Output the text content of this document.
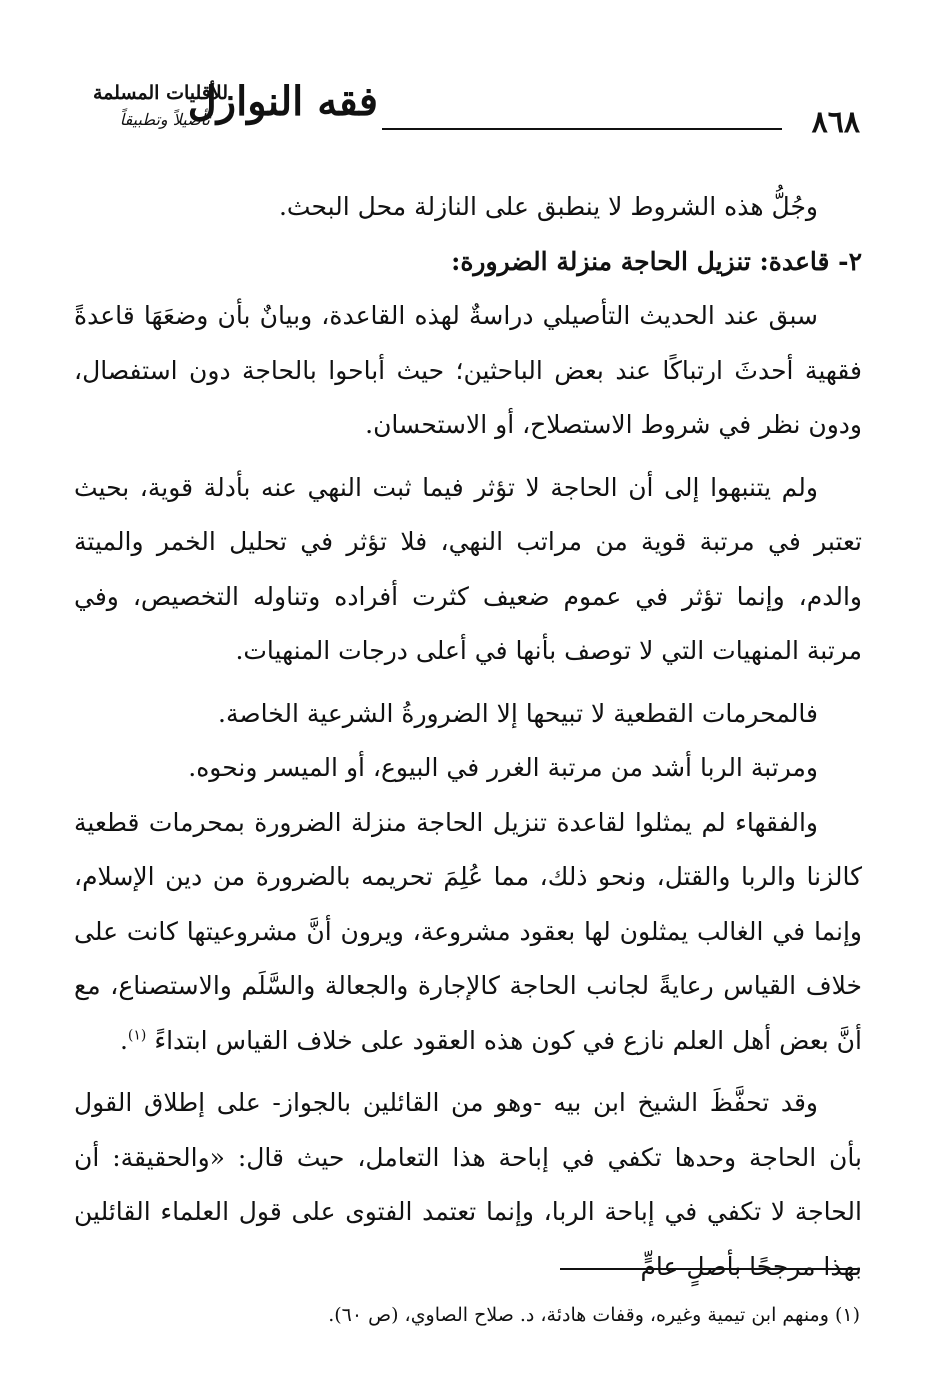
فقه النوازل
للأقليات المسلمة
تأصيلاً وتطبيقاً	٨٦٨

وجُلُّ هذه الشروط لا ينطبق على النازلة محل البحث.

٢- قاعدة: تنزيل الحاجة منزلة الضرورة:

سبق عند الحديث التأصيلي دراسةٌ لهذه القاعدة، وبيانٌ بأن وضعَهَا قاعدةً فقهية أحدثَ ارتباكًا عند بعض الباحثين؛ حيث أباحوا بالحاجة دون استفصال، ودون نظر في شروط الاستصلاح، أو الاستحسان.

ولم يتنبهوا إلى أن الحاجة لا تؤثر فيما ثبت النهي عنه بأدلة قوية، بحيث تعتبر في مرتبة قوية من مراتب النهي، فلا تؤثر في تحليل الخمر والميتة والدم، وإنما تؤثر في عموم ضعيف كثرت أفراده وتناوله التخصيص، وفي مرتبة المنهيات التي لا توصف بأنها في أعلى درجات المنهيات.

فالمحرمات القطعية لا تبيحها إلا الضرورةُ الشرعية الخاصة.

ومرتبة الربا أشد من مرتبة الغرر في البيوع، أو الميسر ونحوه.

والفقهاء لم يمثلوا لقاعدة تنزيل الحاجة منزلة الضرورة بمحرمات قطعية كالزنا والربا والقتل، ونحو ذلك، مما عُلِمَ تحريمه بالضرورة من دين الإسلام، وإنما في الغالب يمثلون لها بعقود مشروعة، ويرون أنَّ مشروعيتها كانت على خلاف القياس رعايةً لجانب الحاجة كالإجارة والجعالة والسَّلَم والاستصناع، مع أنَّ بعض أهل العلم نازع في كون هذه العقود على خلاف القياس ابتداءً $^{(١)}$.

وقد تحفَّظَ الشيخ ابن بيه -وهو من القائلين بالجواز- على إطلاق القول بأن الحاجة وحدها تكفي في إباحة هذا التعامل، حيث قال: «والحقيقة: أن الحاجة لا تكفي في إباحة الربا، وإنما تعتمد الفتوى على قول العلماء القائلين بهذا مرجحًا بأصلٍ عامٍّ

(١) ومنهم ابن تيمية وغيره، وقفات هادئة، د. صلاح الصاوي، (ص ٦٠).
